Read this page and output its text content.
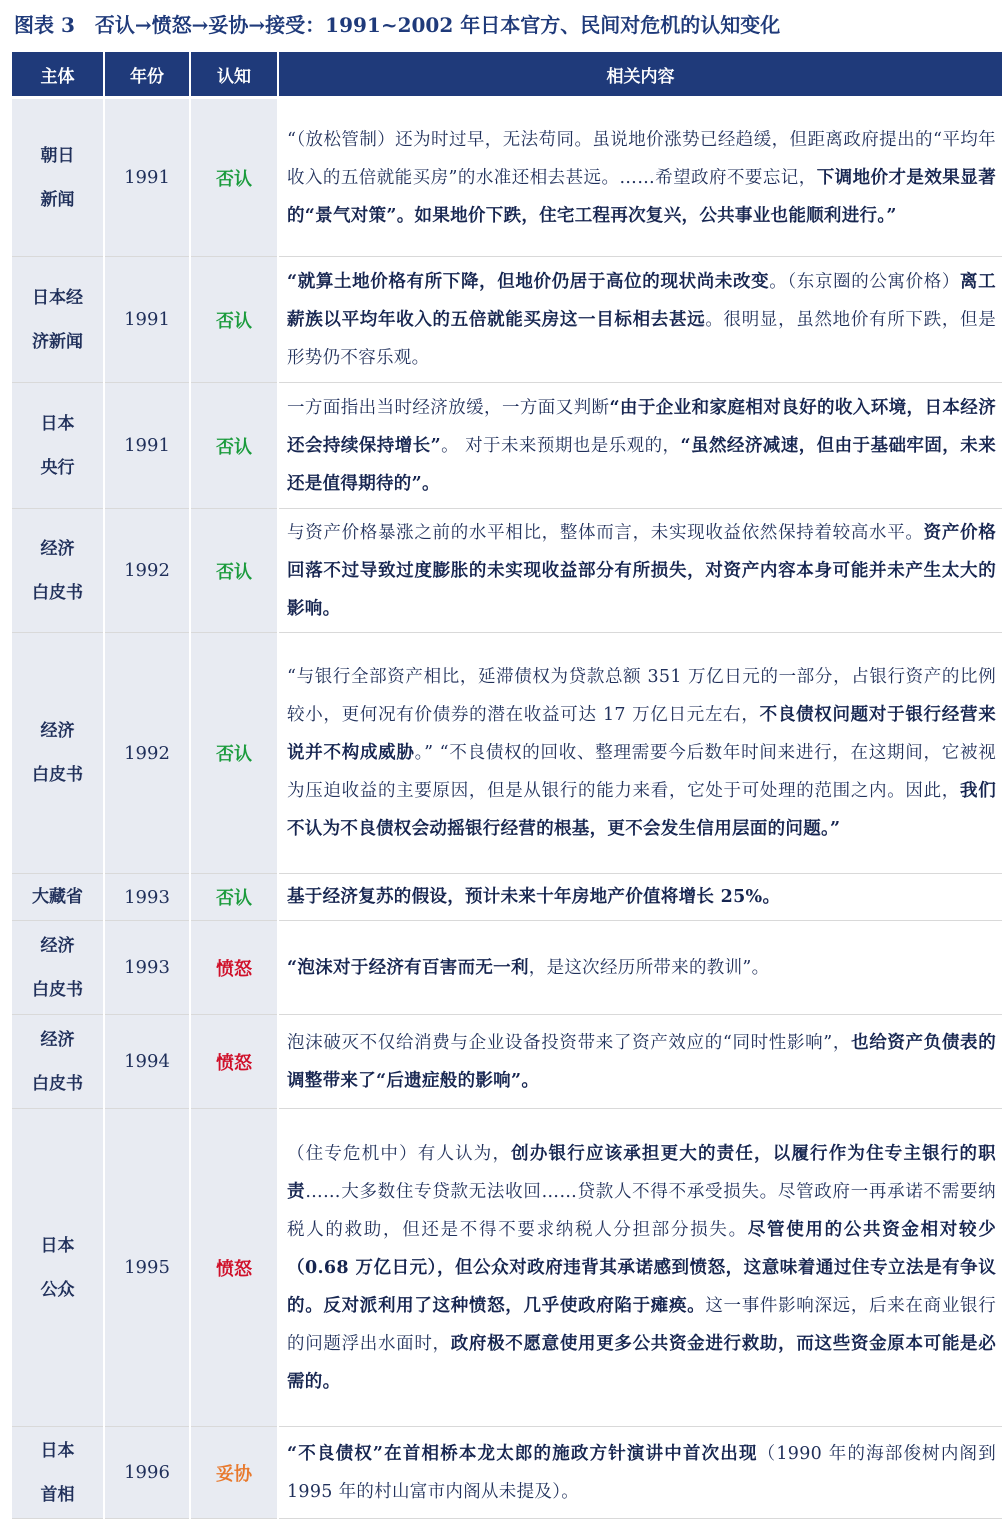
图表 3　否认→愤怒→妥协→接受：1991~2002 年日本官方、民间对危机的认知变化
主体	年份	认知	相关内容
朝日
新闻	1991	否认	“（放松管制）还为时过早，无法苟同。虽说地价涨势已经趋缓，但距离政府提出的“平均年收入的五倍就能买房”的水准还相去甚远。……希望政府不要忘记，下调地价才是效果显著的“景气对策”。如果地价下跌，住宅工程再次复兴，公共事业也能顺利进行。”

日本经
济新闻	1991	否认	“就算土地价格有所下降，但地价仍居于高位的现状尚未改变。（东京圈的公寓价格）离工薪族以平均年收入的五倍就能买房这一目标相去甚远。很明显，虽然地价有所下跌，但是形势仍不容乐观。

日本
央行	1991	否认	一方面指出当时经济放缓，一方面又判断“由于企业和家庭相对良好的收入环境，日本经济还会持续保持增长”。 对于未来预期也是乐观的，“虽然经济减速，但由于基础牢固，未来还是值得期待的”。

经济
白皮书	1992	否认	与资产价格暴涨之前的水平相比，整体而言，未实现收益依然保持着较高水平。资产价格回落不过导致过度膨胀的未实现收益部分有所损失，对资产内容本身可能并未产生太大的影响。

经济
白皮书	1992	否认	“与银行全部资产相比，延滞债权为贷款总额 351 万亿日元的一部分，占银行资产的比例较小，更何况有价债券的潜在收益可达 17 万亿日元左右，不良债权问题对于银行经营来说并不构成威胁。” “不良债权的回收、整理需要今后数年时间来进行，在这期间，它被视为压迫收益的主要原因，但是从银行的能力来看，它处于可处理的范围之内。因此，我们不认为不良债权会动摇银行经营的根基，更不会发生信用层面的问题。”

大藏省	1993	否认	基于经济复苏的假设，预计未来十年房地产价值将增长 25%。

经济
白皮书	1993	愤怒	“泡沫对于经济有百害而无一利，是这次经历所带来的教训”。

经济
白皮书	1994	愤怒	泡沫破灭不仅给消费与企业设备投资带来了资产效应的“同时性影响”，也给资产负债表的调整带来了“后遗症般的影响”。

日本
公众	1995	愤怒	（住专危机中）有人认为，创办银行应该承担更大的责任，以履行作为住专主银行的职责……大多数住专贷款无法收回……贷款人不得不承受损失。尽管政府一再承诺不需要纳税人的救助，但还是不得不要求纳税人分担部分损失。尽管使用的公共资金相对较少（0.68 万亿日元），但公众对政府违背其承诺感到愤怒，这意味着通过住专立法是有争议的。反对派利用了这种愤怒，几乎使政府陷于瘫痪。这一事件影响深远，后来在商业银行的问题浮出水面时，政府极不愿意使用更多公共资金进行救助，而这些资金原本可能是必需的。

日本
首相	1996	妥协	“不良债权”在首相桥本龙太郎的施政方针演讲中首次出现（1990 年的海部俊树内阁到 1995 年的村山富市内阁从未提及）。
